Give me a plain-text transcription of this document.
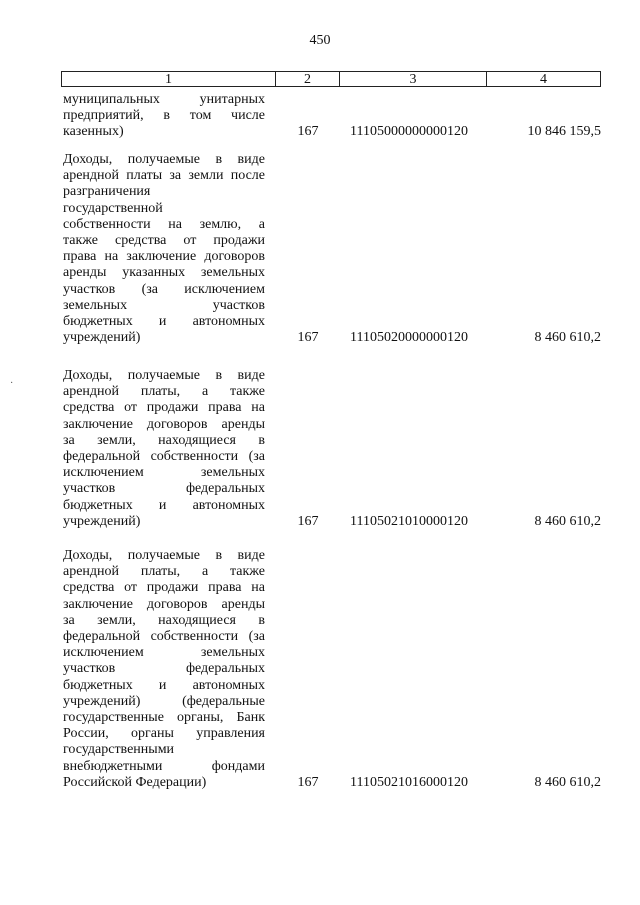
450
1	2	3	4
муниципальных унитарных
предприятий, в том числе
казенных)	167 11105000000000120	10 846 159,5
Доходы, получаемые в виде
арендной платы за земли после
разграничения
государственной
собственности на землю, а
также средства от продажи
права на заключение договоров
аренды указанных земельных
участков (за исключением
земельных участков
бюджетных и автономных
учреждений)	167 11105020000000120	8 460 610,2
Доходы, получаемые в виде
арендной платы, а также
средства от продажи права на
заключение договоров аренды
за земли, находящиеся в
федеральной собственности (за
исключением земельных
участков федеральных
бюджетных и автономных
учреждений)	167 11105021010000120	8 460 610,2
Доходы, получаемые в виде
арендной платы, а также
средства от продажи права на
заключение договоров аренды
за земли, находящиеся в
федеральной собственности (за
исключением земельных
участков федеральных
бюджетных и автономных
учреждений) (федеральные
государственные органы, Банк
России, органы управления
государственными
внебюджетными фондами
Российской Федерации)	167 11105021016000120	8 460 610,2
·
